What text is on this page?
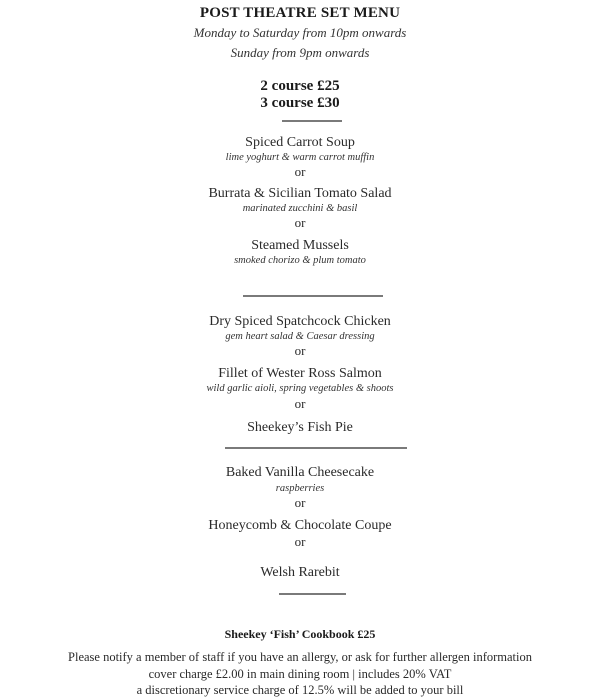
POST THEATRE SET MENU
Monday to Saturday from 10pm onwards
Sunday from 9pm onwards
2 course £25
3 course £30
Spiced Carrot Soup
lime yoghurt & warm carrot muffin
or
Burrata & Sicilian Tomato Salad
marinated zucchini & basil
or
Steamed Mussels
smoked chorizo & plum tomato
Dry Spiced Spatchcock Chicken
gem heart salad & Caesar dressing
or
Fillet of Wester Ross Salmon
wild garlic aioli, spring vegetables & shoots
or
Sheekey’s Fish Pie
Baked Vanilla Cheesecake
raspberries
or
Honeycomb & Chocolate Coupe
or
Welsh Rarebit
Sheekey ‘Fish’ Cookbook £25
Please notify a member of staff if you have an allergy, or ask for further allergen information
cover charge £2.00 in main dining room | includes 20% VAT
a discretionary service charge of 12.5% will be added to your bill
